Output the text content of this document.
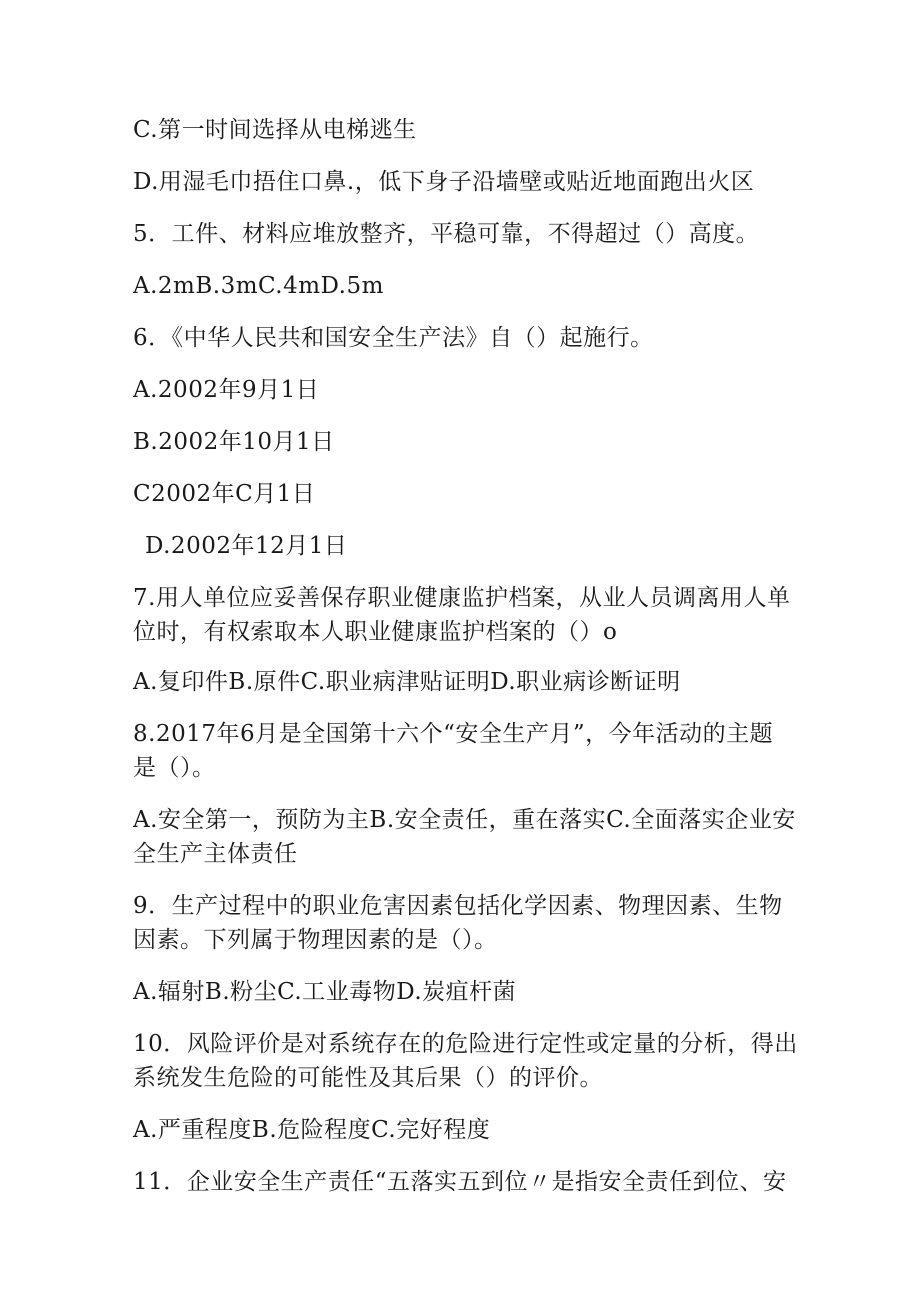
C.第一时间选择从电梯逃生
D.用湿毛巾捂住口鼻.，低下身子沿墙壁或贴近地面跑出火区
5．工件、材料应堆放整齐，平稳可靠，不得超过（）高度。
A.2mB.3mC.4mD.5m
6．《中华人民共和国安全生产法》自（）起施行。
A.2002年9月1日
B.2002年10月1日
C2002年C月1日
D.2002年12月1日
7.用人单位应妥善保存职业健康监护档案，从业人员调离用人单
位时，有权索取本人职业健康监护档案的（）o
A.复印件B.原件C.职业病津贴证明D.职业病诊断证明
8.2017年6月是全国第十六个“安全生产月”，今年活动的主题
是（）。
A.安全第一，预防为主B.安全责任，重在落实C.全面落实企业安
全生产主体责任
9．生产过程中的职业危害因素包括化学因素、物理因素、生物
因素。下列属于物理因素的是（）。
A.辐射B.粉尘C.工业毒物D.炭疽杆菌
10．风险评价是对系统存在的危险进行定性或定量的分析，得出
系统发生危险的可能性及其后果（）的评价。
A.严重程度B.危险程度C.完好程度
11．企业安全生产责任“五落实五到位〃是指安全责任到位、安
